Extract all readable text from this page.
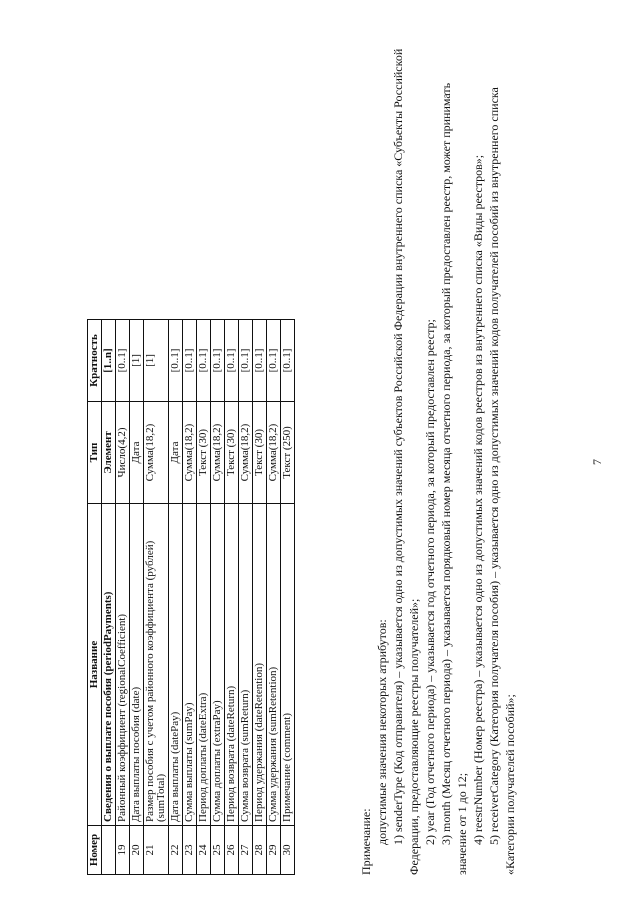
Номер	Название	Тип	Кратность
	Сведения о выплате пособия (periodPayments)	Элемент	[1..n]
19	Районный коэффициент (regionalCoefficient)	Число(4,2)	[0..1]
20	Дата выплаты пособия (date)	Дата	[1]
21	Размер пособия с учетом районного коэффициента (рублей) (sumTotal)	Сумма(18,2)	[1]
22	Дата выплаты (datePay)	Дата	[0..1]
23	Сумма выплаты (sumPay)	Сумма(18,2)	[0..1]
24	Период доплаты (dateExtra)	Текст (30)	[0..1]
25	Сумма доплаты (extraPay)	Сумма(18,2)	[0..1]
26	Период возврата (dateReturn)	Текст (30)	[0..1]
27	Сумма возврата (sumReturn)	Сумма(18,2)	[0..1]
28	Период удержания (dateRetention)	Текст (30)	[0..1]
29	Сумма удержания (sumRetention)	Сумма(18,2)	[0..1]
30	Примечание (comment)	Текст (250)	[0..1]

Примечание: допустимые значения некоторых атрибутов: 1) senderType (Код отправителя) – указывается одно из допустимых значений субъектов Российской Федерации внутреннего списка «Субъекты Российской Федерации, предоставляющие реестры получателей»; 2) year (Год отчетного периода) – указывается год отчетного периода, за который предоставлен реестр; 3) month (Месяц отчетного периода) – указывается порядковый номер месяца отчетного периода, за который предоставлен реестр, может принимать значение от 1 до 12; 4) reestrNumber (Номер реестра) – указывается одно из допустимых значений кодов реестров из внутреннего списка «Виды реестров»; 5) receiverCategory (Категория получателя пособия) – указывается одно из допустимых значений кодов получателей пособий из внутреннего списка «Категории получателей пособий»;

7
